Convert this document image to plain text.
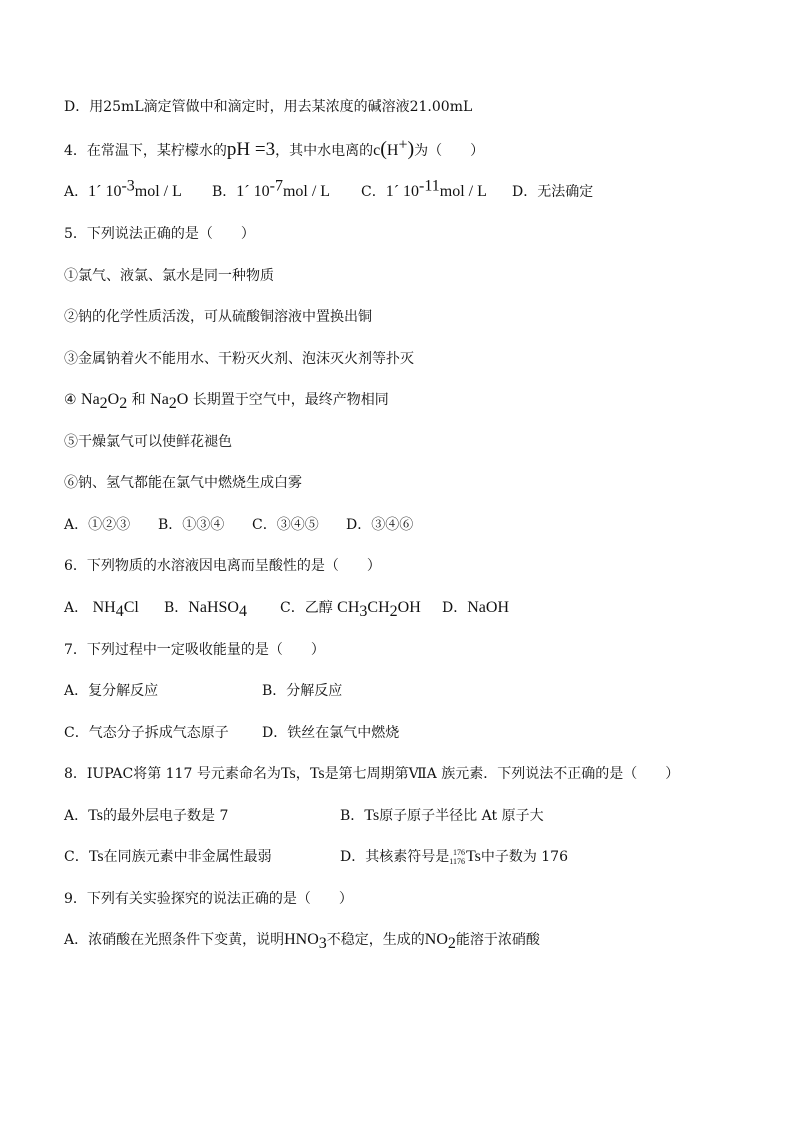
D．用25mL滴定管做中和滴定时，用去某浓度的碱溶液21.00mL
4．在常温下，某柠檬水的pH =3，其中水电离的c(H+)为（　　）
A．1´ $10^{-3}mol$ / L B．1´ $10^{-7}mol$ / L C．1´ $10^{-11}mol$ / L D．无法确定
5．下列说法正确的是（　　）
①氯气、液氯、氯水是同一种物质
②钠的化学性质活泼，可从硫酸铜溶液中置换出铜
③金属钠着火不能用水、干粉灭火剂、泡沫灭火剂等扑灭
④ $Na_2O_2$ 和 $Na_2O$ 长期置于空气中，最终产物相同
⑤干燥氯气可以使鲜花褪色
⑥钠、氢气都能在氯气中燃烧生成白雾
A．①②③ B．①③④ C．③④⑤ D．③④⑥
6．下列物质的水溶液因电离而呈酸性的是（　　）
A． $NH_4Cl$ B．NaHSO$_4$ C．乙醇 $CH_3CH_2OH$ D．NaOH
7．下列过程中一定吸收能量的是（　　）
A．复分解反应	B．分解反应
C．气态分子拆成气态原子 D．铁丝在氯气中燃烧
8．IUPAC将第 117 号元素命名为Ts，Ts是第七周期第ⅦA 族元素．下列说法不正确的是（　　）
A．Ts的最外层电子数是 7	B．Ts原子原子半径比 At 原子大
C．Ts在同族元素中非金属性最弱	D．其核素符号是 176
1176 Ts中子数为 176
9．下列有关实验探究的说法正确的是（　　）
A．浓硝酸在光照条件下变黄，说明$HNO_3$不稳定，生成的$NO_2$能溶于浓硝酸
